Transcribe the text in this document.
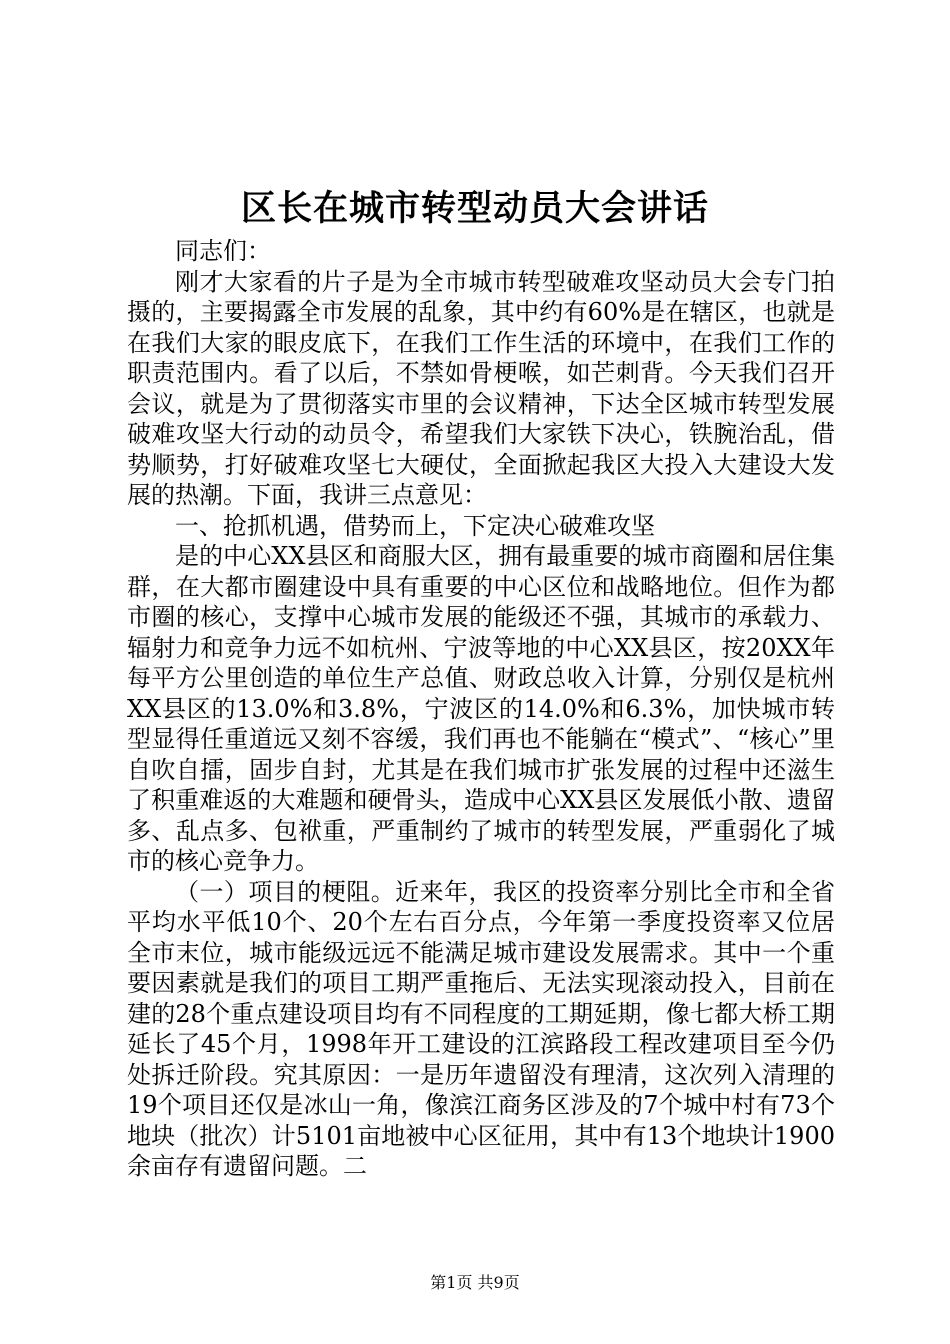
区长在城市转型动员大会讲话

同志们：

刚才大家看的片子是为全市城市转型破难攻坚动员大会专门拍摄的，主要揭露全市发展的乱象，其中约有60%是在辖区，也就是在我们大家的眼皮底下，在我们工作生活的环境中，在我们工作的职责范围内。看了以后，不禁如骨梗喉，如芒刺背。今天我们召开会议，就是为了贯彻落实市里的会议精神，下达全区城市转型发展破难攻坚大行动的动员令，希望我们大家铁下决心，铁腕治乱，借势顺势，打好破难攻坚七大硬仗，全面掀起我区大投入大建设大发展的热潮。下面，我讲三点意见：

一、抢抓机遇，借势而上，下定决心破难攻坚

是的中心XX县区和商服大区，拥有最重要的城市商圈和居住集群，在大都市圈建设中具有重要的中心区位和战略地位。但作为都市圈的核心，支撑中心城市发展的能级还不强，其城市的承载力、辐射力和竞争力远不如杭州、宁波等地的中心XX县区，按20XX年每平方公里创造的单位生产总值、财政总收入计算，分别仅是杭州XX县区的13.0%和3.8%，宁波区的14.0%和6.3%，加快城市转型显得任重道远又刻不容缓，我们再也不能躺在“模式”、“核心”里自吹自擂，固步自封，尤其是在我们城市扩张发展的过程中还滋生了积重难返的大难题和硬骨头，造成中心XX县区发展低小散、遗留多、乱点多、包袱重，严重制约了城市的转型发展，严重弱化了城市的核心竞争力。

（一）项目的梗阻。近来年，我区的投资率分别比全市和全省平均水平低10个、20个左右百分点，今年第一季度投资率又位居全市末位，城市能级远远不能满足城市建设发展需求。其中一个重要因素就是我们的项目工期严重拖后、无法实现滚动投入，目前在建的28个重点建设项目均有不同程度的工期延期，像七都大桥工期延长了45个月，1998年开工建设的江滨路段工程改建项目至今仍处拆迁阶段。究其原因：一是历年遗留没有理清，这次列入清理的19个项目还仅是冰山一角，像滨江商务区涉及的7个城中村有73个地块（批次）计5101亩地被中心区征用，其中有13个地块计1900余亩存有遗留问题。二

第1页 共9页
